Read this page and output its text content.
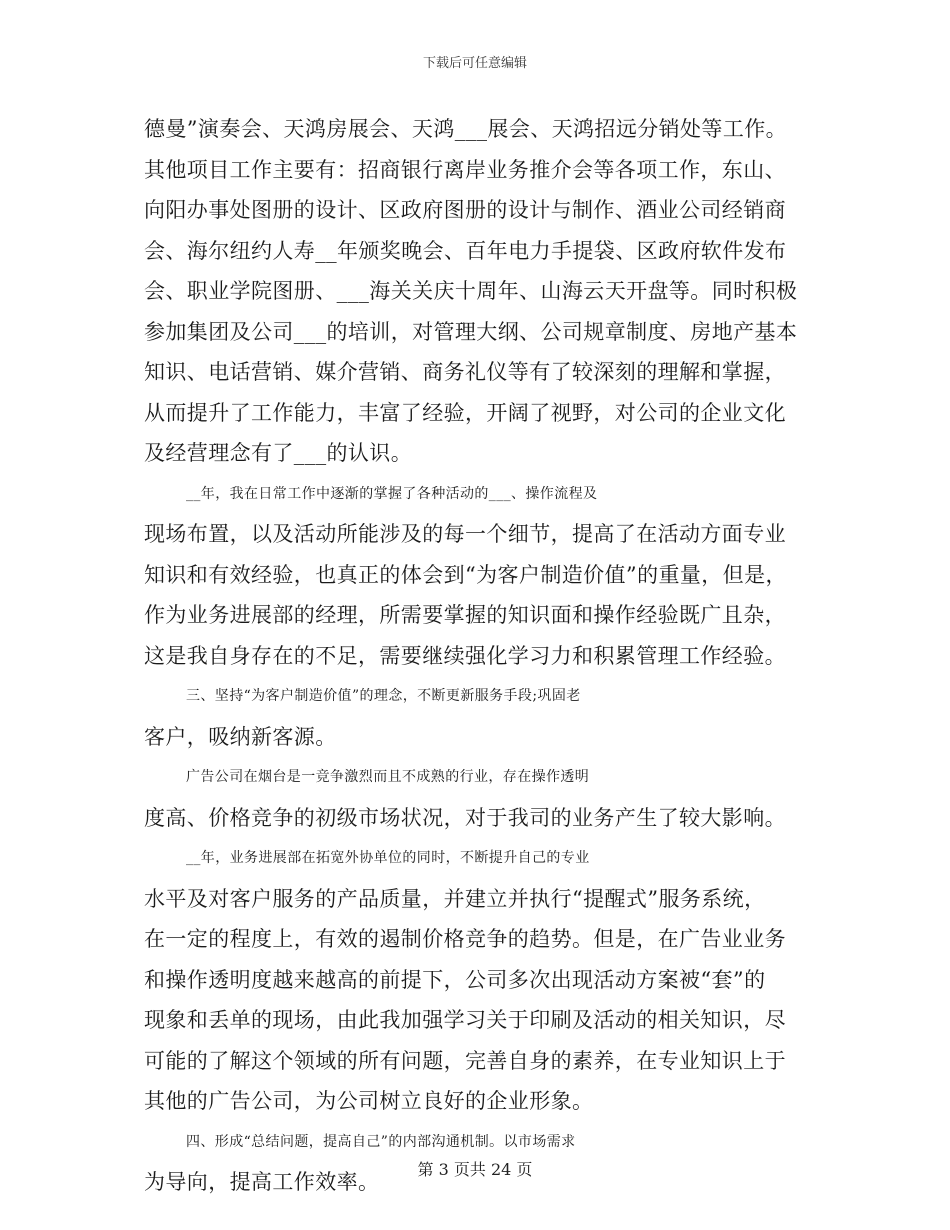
下载后可任意编辑
德曼”演奏会、天鸿房展会、天鸿___展会、天鸿招远分销处等工作。
其他项目工作主要有：招商银行离岸业务推介会等各项工作，东山、
向阳办事处图册的设计、区政府图册的设计与制作、酒业公司经销商
会、海尔纽约人寿__年颁奖晚会、百年电力手提袋、区政府软件发布
会、职业学院图册、___海关关庆十周年、山海云天开盘等。同时积极
参加集团及公司___的培训，对管理大纲、公司规章制度、房地产基本
知识、电话营销、媒介营销、商务礼仪等有了较深刻的理解和掌握，
从而提升了工作能力，丰富了经验，开阔了视野，对公司的企业文化
及经营理念有了___的认识。
__年，我在日常工作中逐渐的掌握了各种活动的___、操作流程及
现场布置，以及活动所能涉及的每一个细节，提高了在活动方面专业
知识和有效经验，也真正的体会到“为客户制造价值”的重量，但是，
作为业务进展部的经理，所需要掌握的知识面和操作经验既广且杂，
这是我自身存在的不足，需要继续强化学习力和积累管理工作经验。
三、坚持“为客户制造价值”的理念，不断更新服务手段;巩固老
客户，吸纳新客源。
广告公司在烟台是一竞争激烈而且不成熟的行业，存在操作透明
度高、价格竞争的初级市场状况，对于我司的业务产生了较大影响。
__年，业务进展部在拓宽外协单位的同时，不断提升自己的专业
水平及对客户服务的产品质量，并建立并执行“提醒式”服务系统，
在一定的程度上，有效的遏制价格竞争的趋势。但是，在广告业业务
和操作透明度越来越高的前提下，公司多次出现活动方案被“套”的
现象和丢单的现场，由此我加强学习关于印刷及活动的相关知识，尽
可能的了解这个领域的所有问题，完善自身的素养，在专业知识上于
其他的广告公司，为公司树立良好的企业形象。
四、形成“总结问题，提高自己”的内部沟通机制。以市场需求
为导向，提高工作效率。
第 3 页共 24 页
